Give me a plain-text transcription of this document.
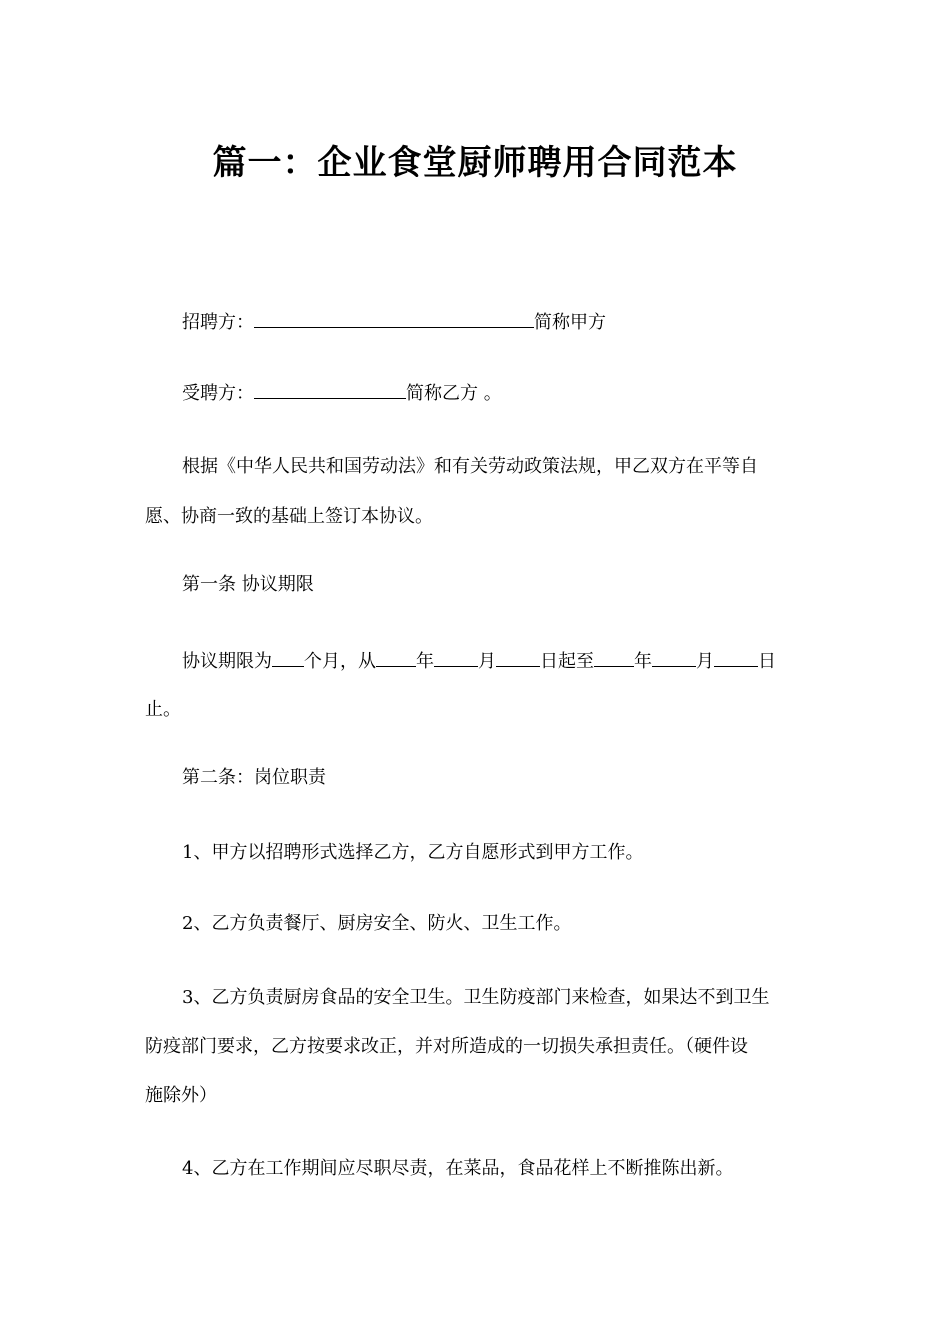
篇一：企业食堂厨师聘用合同范本
招聘方：	简称甲方
受聘方：	简称乙方 。
根据《中华人民共和国劳动法》和有关劳动政策法规，甲乙双方在平等自
愿、协商一致的基础上签订本协议。
第一条 协议期限
协议期限为 个月，从 年 月 日起至 年 月 日
止。
第二条：岗位职责
1、甲方以招聘形式选择乙方，乙方自愿形式到甲方工作。
2、乙方负责餐厅、厨房安全、防火、卫生工作。
3、乙方负责厨房食品的安全卫生。卫生防疫部门来检查，如果达不到卫生
防疫部门要求，乙方按要求改正，并对所造成的一切损失承担责任。（硬件设
施除外）
4、乙方在工作期间应尽职尽责，在菜品，食品花样上不断推陈出新。
